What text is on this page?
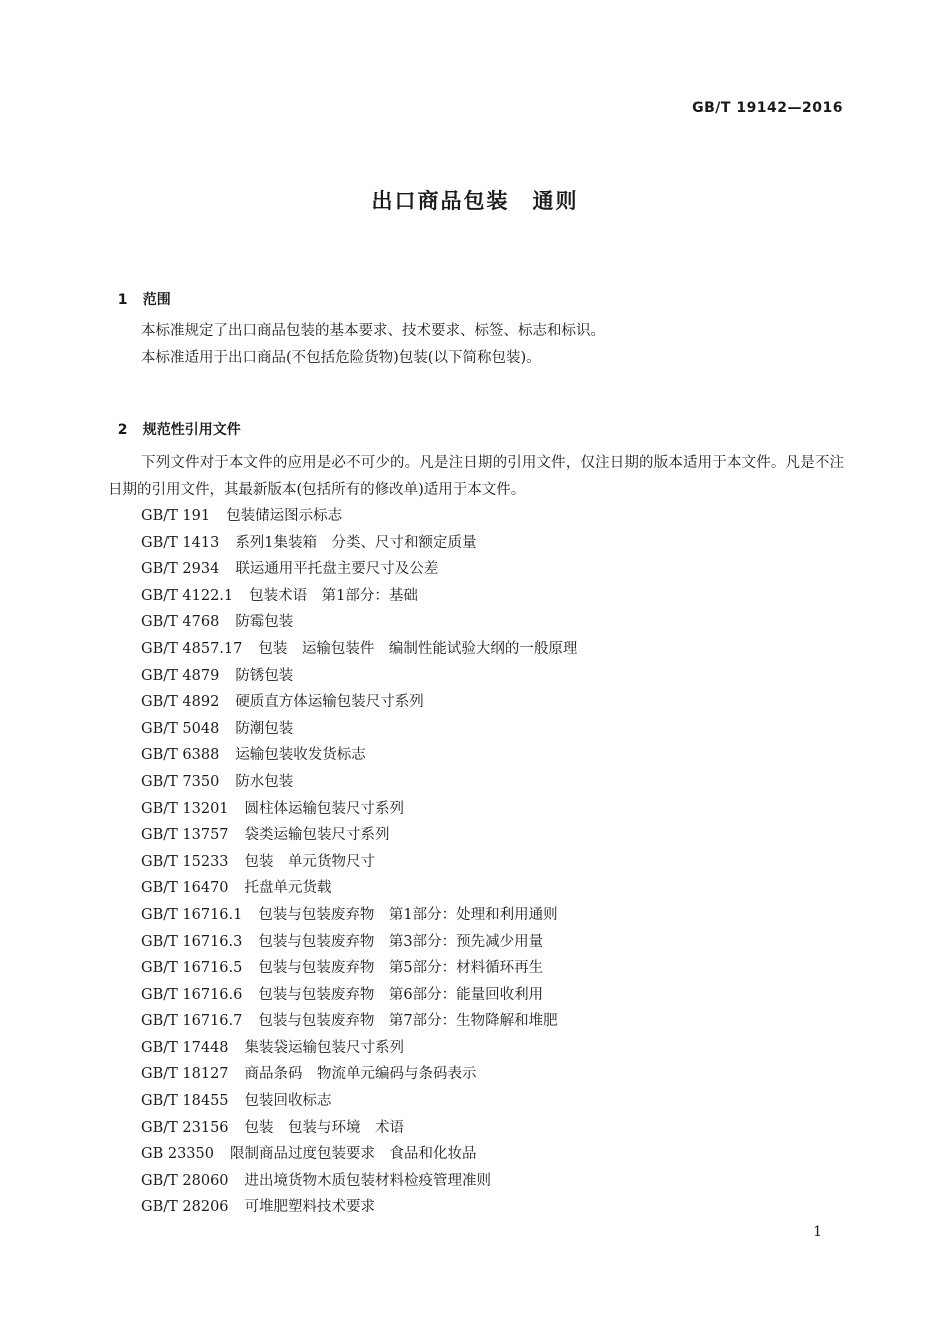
GB/T 19142—2016
出口商品包装　通则

1 范围

本标准规定了出口商品包装的基本要求、技术要求、标签、标志和标识。
本标准适用于出口商品(不包括危险货物)包装(以下简称包装)。

2 规范性引用文件

下列文件对于本文件的应用是必不可少的。凡是注日期的引用文件，仅注日期的版本适用于本文件。凡是不注日期的引用文件，其最新版本(包括所有的修改单)适用于本文件。
GB/T 191 包装储运图示标志
GB/T 1413 系列1集装箱　分类、尺寸和额定质量
GB/T 2934 联运通用平托盘主要尺寸及公差
GB/T 4122.1 包装术语　第1部分：基础
GB/T 4768 防霉包装
GB/T 4857.17 包装　运输包装件　编制性能试验大纲的一般原理
GB/T 4879 防锈包装
GB/T 4892 硬质直方体运输包装尺寸系列
GB/T 5048 防潮包装
GB/T 6388 运输包装收发货标志
GB/T 7350 防水包装
GB/T 13201 圆柱体运输包装尺寸系列
GB/T 13757 袋类运输包装尺寸系列
GB/T 15233 包装　单元货物尺寸
GB/T 16470 托盘单元货载
GB/T 16716.1 包装与包装废弃物　第1部分：处理和利用通则
GB/T 16716.3 包装与包装废弃物　第3部分：预先减少用量
GB/T 16716.5 包装与包装废弃物　第5部分：材料循环再生
GB/T 16716.6 包装与包装废弃物　第6部分：能量回收利用
GB/T 16716.7 包装与包装废弃物　第7部分：生物降解和堆肥
GB/T 17448 集装袋运输包装尺寸系列
GB/T 18127 商品条码　物流单元编码与条码表示
GB/T 18455 包装回收标志
GB/T 23156 包装　包装与环境　术语
GB 23350 限制商品过度包装要求　食品和化妆品
GB/T 28060 进出境货物木质包装材料检疫管理准则
GB/T 28206 可堆肥塑料技术要求
1
